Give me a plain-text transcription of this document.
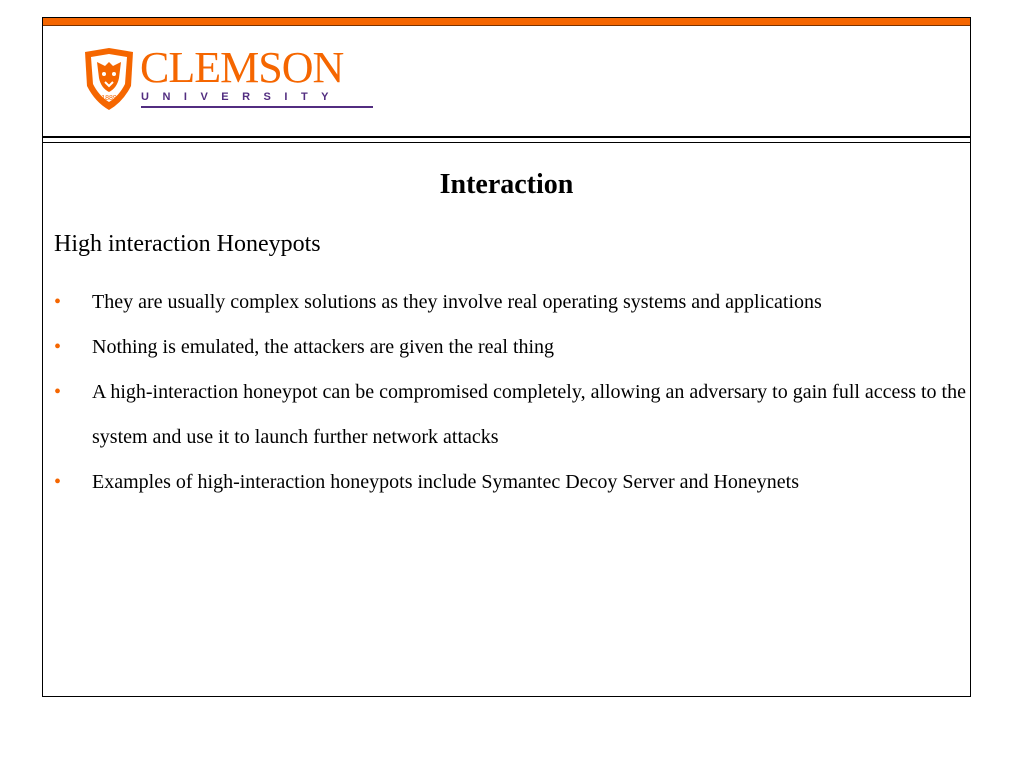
1889
CLEMSON
UNIVERSITY
Interaction
High interaction Honeypots
• They are usually complex solutions as they involve real operating systems and applications
• Nothing is emulated, the attackers are given the real thing
• A high-interaction honeypot can be compromised completely, allowing an adversary to gain full access to the system and use it to launch further network attacks
• Examples of high-interaction honeypots include Symantec Decoy Server and Honeynets
